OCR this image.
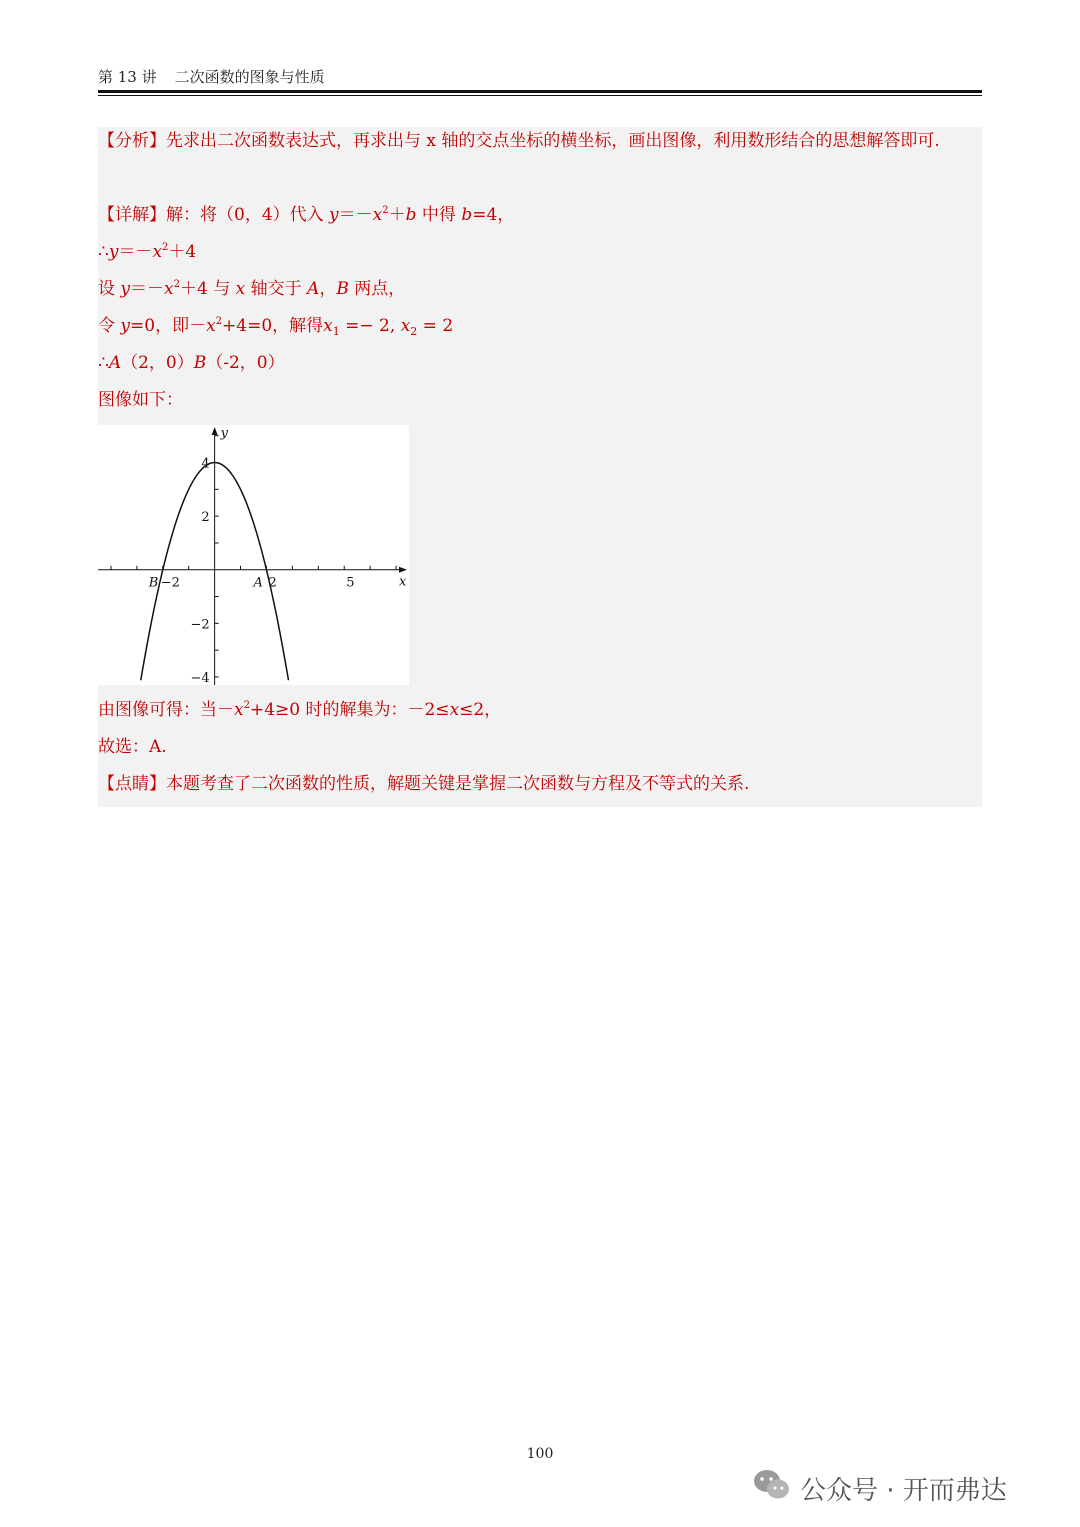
第 13 讲 二次函数的图象与性质
【分析】先求出二次函数表达式，再求出与 x 轴的交点坐标的横坐标，画出图像，利用数形结合的思想解答即可.
【详解】解：将（0，4）代入 $y=-x^2+b$ 中得 b=4，
$\therefore y=-x^2+4$
设 $y=-x^2+4$ 与 x 轴交于 A，B 两点，
令 y=0，即$-x^2+4=0$，解得$x_1 =- 2$, $x_2 = 2$
∴A（2，0）B（-2，0）
图像如下：
x
y
−2	2	5
4
2
−2
−4
B	A
由图像可得：当$-x^2+4\ge 0$ 时的解集为：－2≤x≤2，
故选：A.
【点睛】本题考查了二次函数的性质，解题关键是掌握二次函数与方程及不等式的关系.
100
公众号 · 开而弗达
